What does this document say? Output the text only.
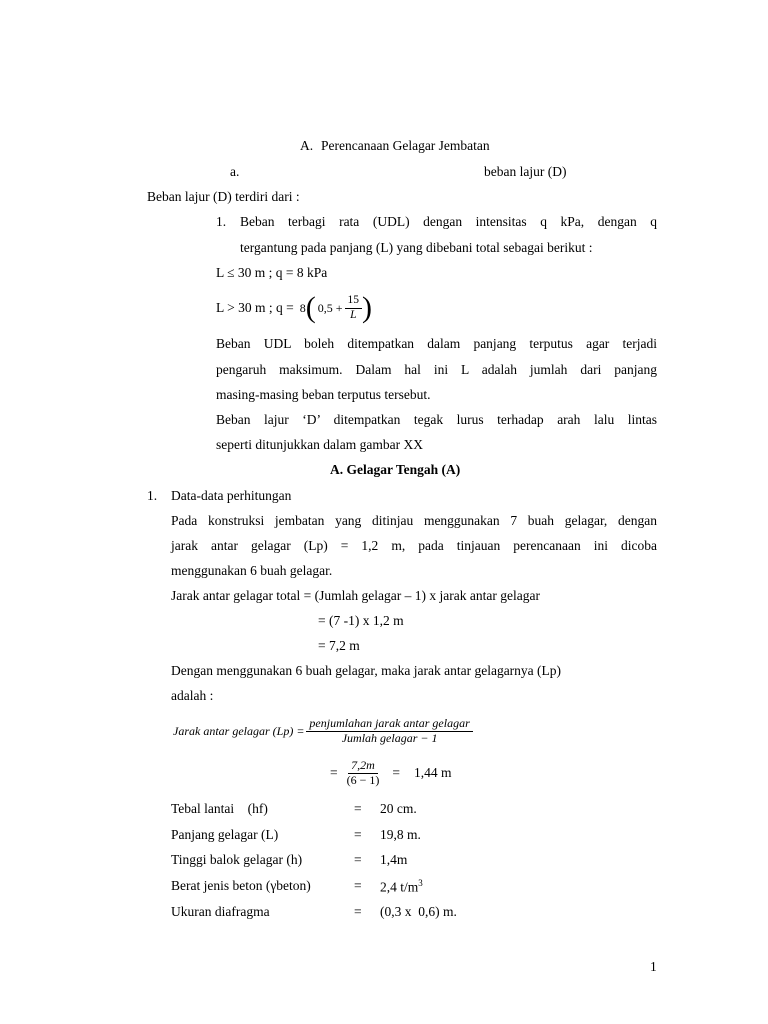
A. Perencanaan Gelagar Jembatan
a.	beban lajur (D)
Beban lajur (D) terdiri dari :
1. Beban terbagi rata (UDL) dengan intensitas q kPa, dengan q
tergantung pada panjang (L) yang dibebani total sebagai berikut :
L ≤ 30 m ; q = 8 kPa
L > 30 m ; q = 8 ( $0,5 + \frac{15}{L}$ )
Beban UDL boleh ditempatkan dalam panjang terputus agar terjadi
pengaruh maksimum. Dalam hal ini L adalah jumlah dari panjang
masing-masing beban terputus tersebut.
Beban lajur ‘D’ ditempatkan tegak lurus terhadap arah lalu lintas
seperti ditunjukkan dalam gambar XX
A. Gelagar Tengah (A)
1. Data-data perhitungan
Pada konstruksi jembatan yang ditinjau menggunakan 7 buah gelagar, dengan
jarak antar gelagar (Lp) = 1,2 m, pada tinjauan perencanaan ini dicoba
menggunakan 6 buah gelagar.
Jarak antar gelagar total = (Jumlah gelagar – 1) x jarak antar gelagar
= (7 -1) x 1,2 m
= 7,2 m
Dengan menggunakan 6 buah gelagar, maka jarak antar gelagarnya (Lp)
adalah :
Jarak antar gelagar $(Lp) = \frac{\text{penjumlahan jarak antar gelagar}}{\text{Jumlah gelagar − 1}}$
= $\frac{7,2m}{(6 - 1)} = 1,44$ m
Tebal lantai    (hf)	= 20 cm.
Panjang gelagar (L)	= 19,8 m.
Tinggi balok gelagar (h)	= 1,4m
Berat jenis beton (γbeton)	= 2,4 $t/m^3$
Ukuran diafragma	= (0,3 x  0,6) m.
1
